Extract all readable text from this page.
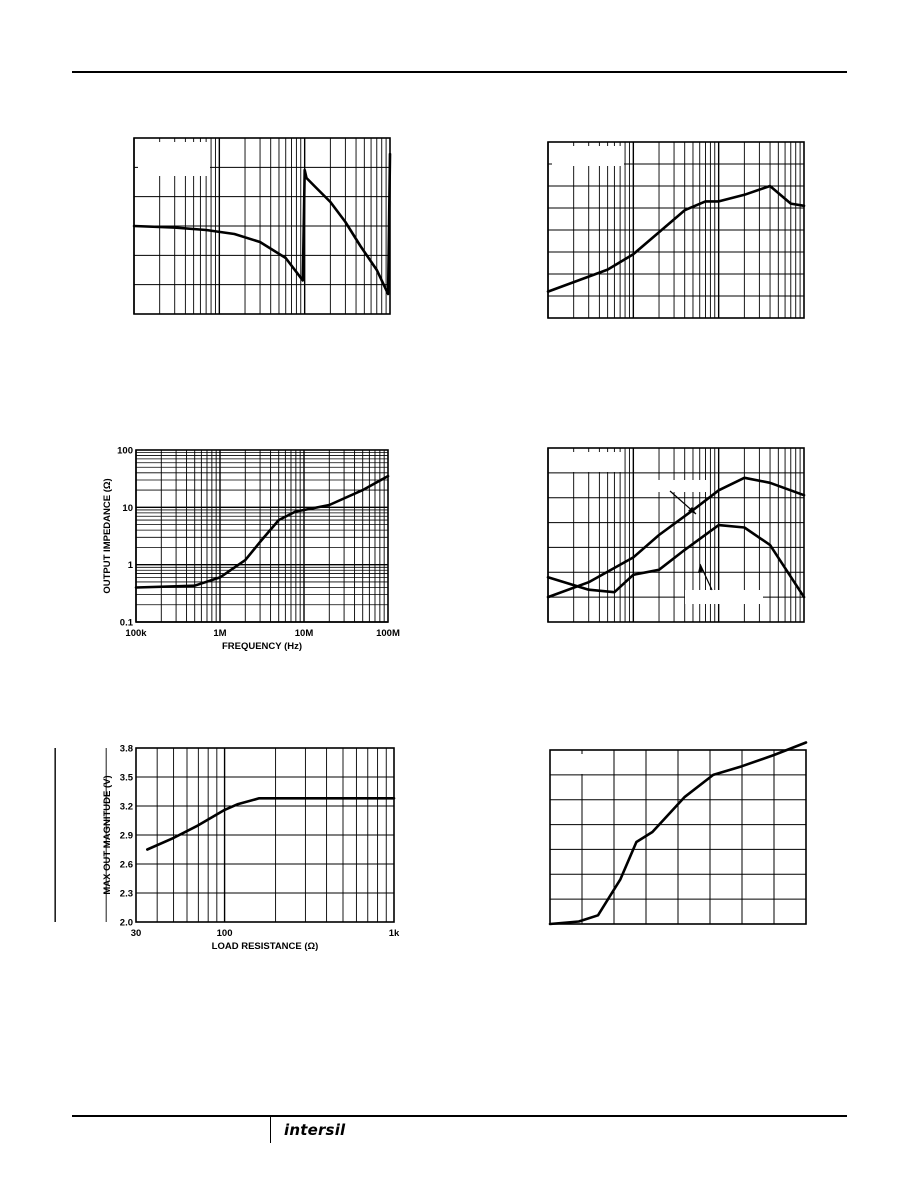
100k	1M	10M	100M
0.1
1
10
100
FREQUENCY (Hz)
OUTPUT IMPEDANCE (Ω)
30	100	1k
2.0
2.3
2.6
2.9
3.2
3.5
3.8
LOAD RESISTANCE (Ω)
MAX OUT MAGNITUDE (V)
intersil
